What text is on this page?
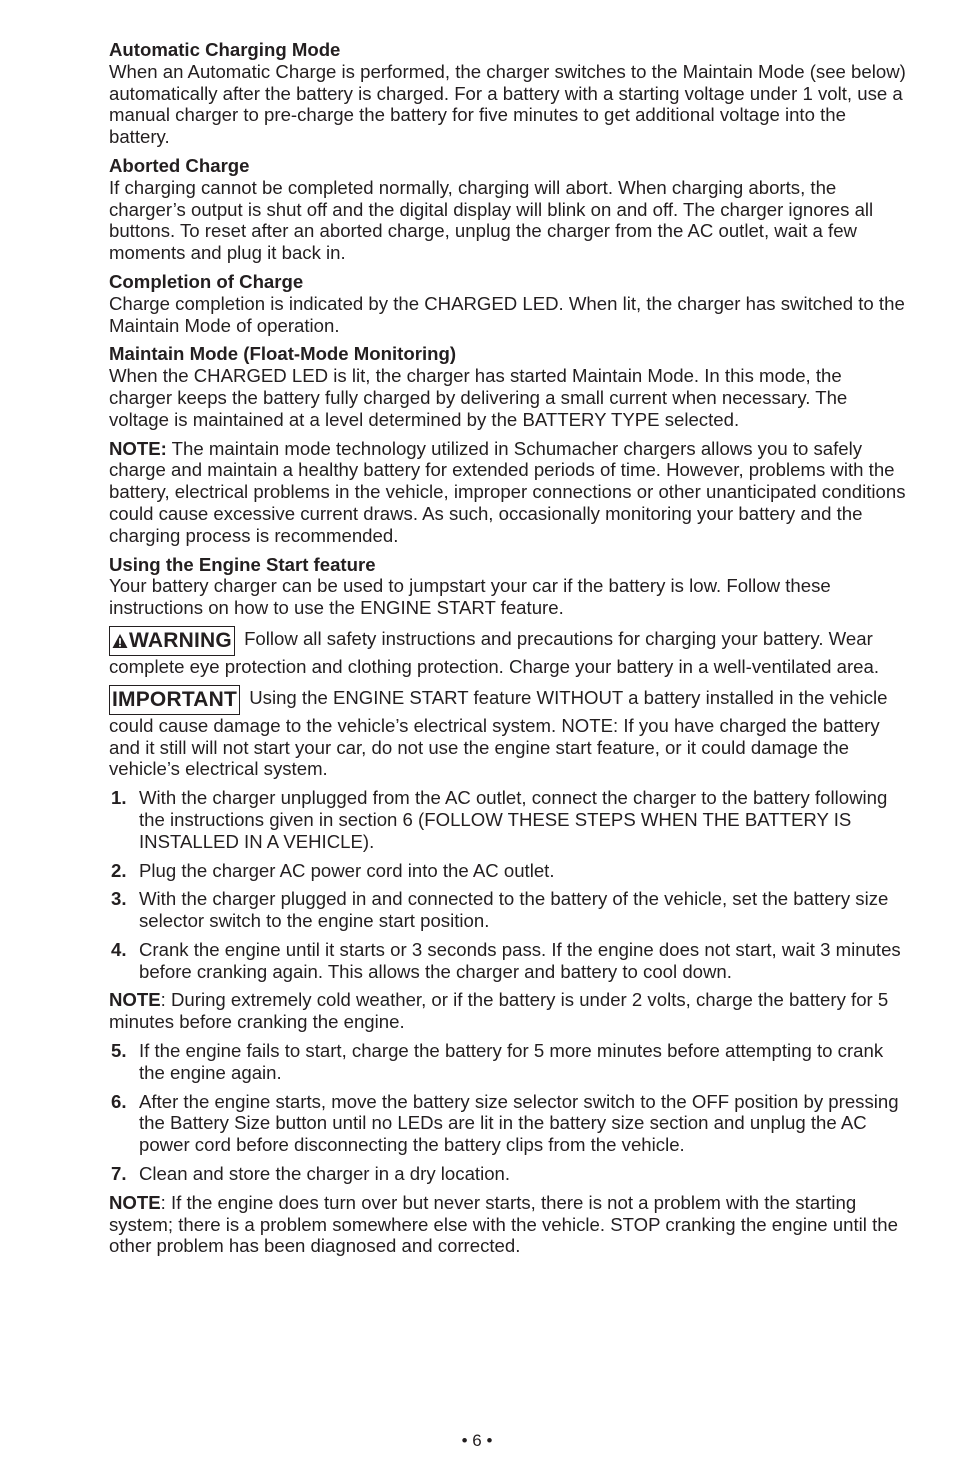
Automatic Charging Mode
When an Automatic Charge is performed, the charger switches to the Maintain Mode (see below) automatically after the battery is charged. For a battery with a starting voltage under 1 volt, use a manual charger to pre-charge the battery for five minutes to get additional voltage into the battery.
Aborted Charge
If charging cannot be completed normally, charging will abort. When charging aborts, the charger’s output is shut off and the digital display will blink on and off. The charger ignores all buttons. To reset after an aborted charge, unplug the charger from the AC outlet, wait a few moments and plug it back in.
Completion of Charge
Charge completion is indicated by the CHARGED LED. When lit, the charger has switched to the Maintain Mode of operation.
Maintain Mode (Float-Mode Monitoring)
When the CHARGED LED is lit, the charger has started Maintain Mode. In this mode, the charger keeps the battery fully charged by delivering a small current when necessary. The voltage is maintained at a level determined by the BATTERY TYPE selected.
NOTE: The maintain mode technology utilized in Schumacher chargers allows you to safely charge and maintain a healthy battery for extended periods of time. However, problems with the battery, electrical problems in the vehicle, improper connections or other unanticipated conditions could cause excessive current draws. As such, occasionally monitoring your battery and the charging process is recommended.
Using the Engine Start feature
Your battery charger can be used to jumpstart your car if the battery is low. Follow these instructions on how to use the ENGINE START feature.
WARNING Follow all safety instructions and precautions for charging your battery. Wear complete eye protection and clothing protection. Charge your battery in a well-ventilated area.
IMPORTANT Using the ENGINE START feature WITHOUT a battery installed in the vehicle could cause damage to the vehicle’s electrical system. NOTE: If you have charged the battery and it still will not start your car, do not use the engine start feature, or it could damage the vehicle’s electrical system.
1. With the charger unplugged from the AC outlet, connect the charger to the battery following the instructions given in section 6 (FOLLOW THESE STEPS WHEN THE BATTERY IS INSTALLED IN A VEHICLE).
2. Plug the charger AC power cord into the AC outlet.
3. With the charger plugged in and connected to the battery of the vehicle, set the battery size selector switch to the engine start position.
4. Crank the engine until it starts or 3 seconds pass. If the engine does not start, wait 3 minutes before cranking again. This allows the charger and battery to cool down.
NOTE: During extremely cold weather, or if the battery is under 2 volts, charge the battery for 5 minutes before cranking the engine.
5. If the engine fails to start, charge the battery for 5 more minutes before attempting to crank the engine again.
6. After the engine starts, move the battery size selector switch to the OFF position by pressing the Battery Size button until no LEDs are lit in the battery size section and unplug the AC power cord before disconnecting the battery clips from the vehicle.
7. Clean and store the charger in a dry location.
NOTE: If the engine does turn over but never starts, there is not a problem with the starting system; there is a problem somewhere else with the vehicle. STOP cranking the engine until the other problem has been diagnosed and corrected.
• 6 •
